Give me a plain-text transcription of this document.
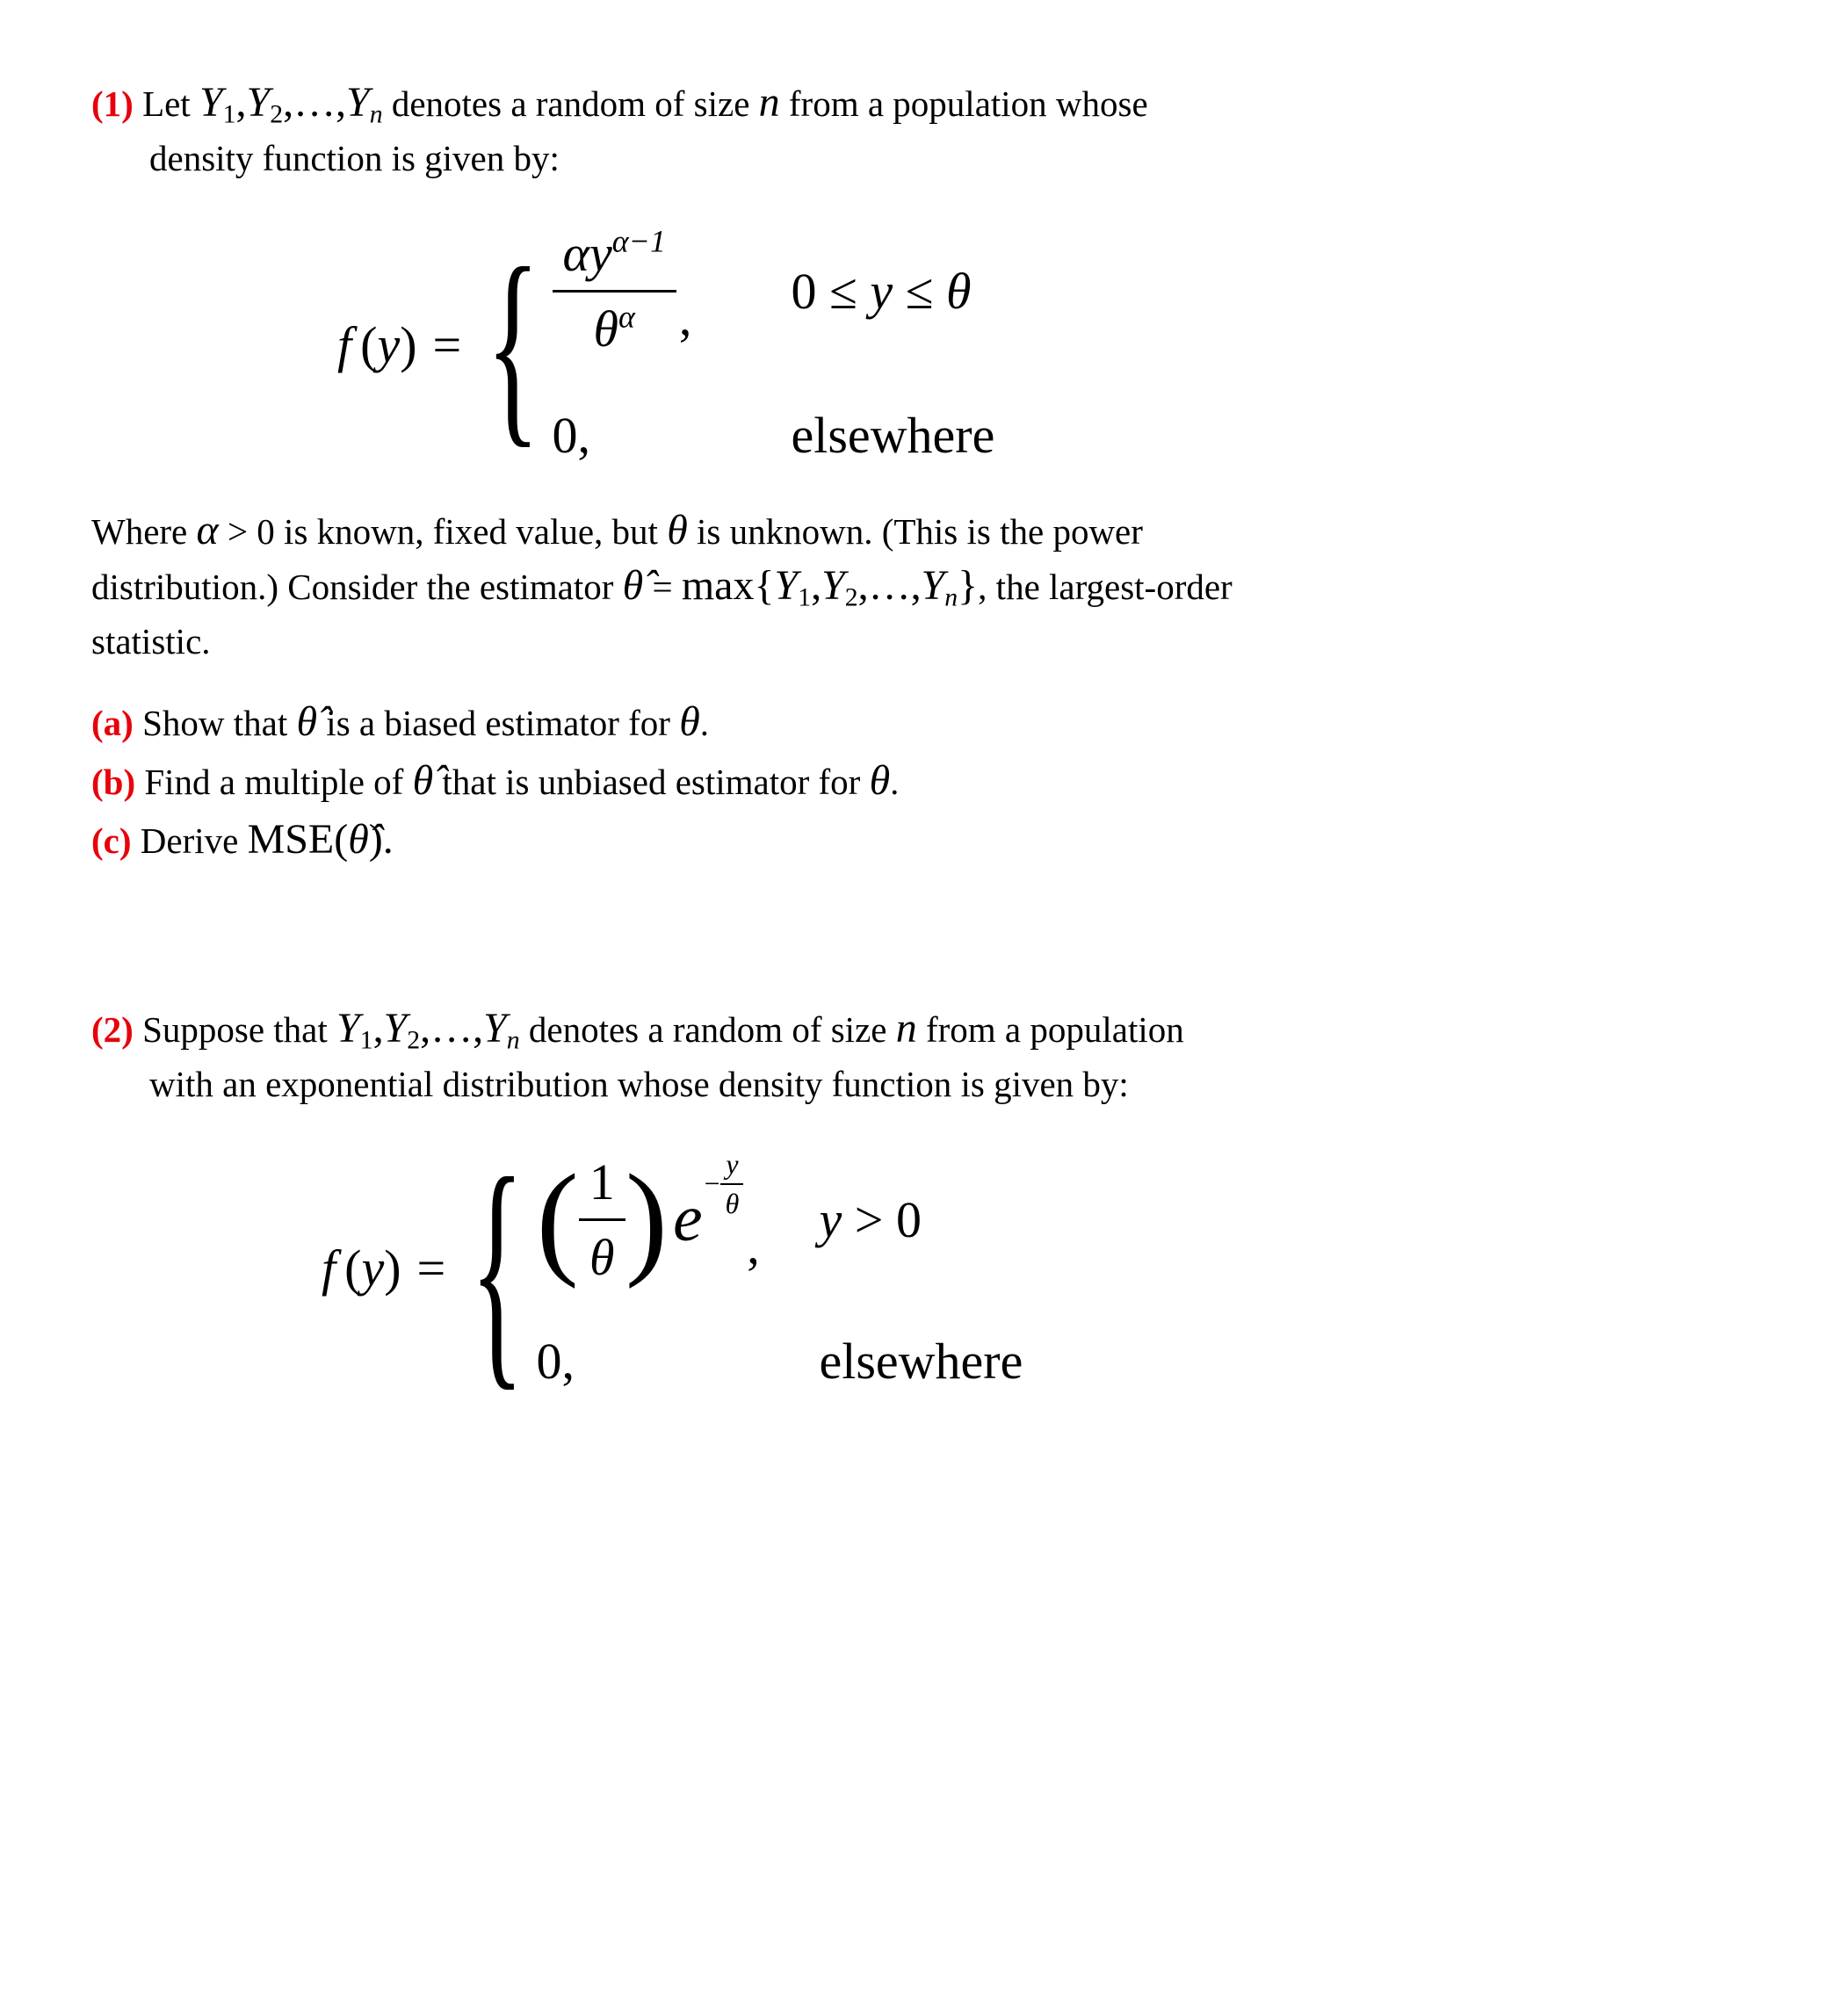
(1) Let $Y_1,Y_2,\dots,Y_n$ denotes a random of size n from a population whose
density function is given by:
f ( y ) = { $\frac{\alpha y^{\alpha-1}}{\theta^\alpha}$ , 0 ≤ y ≤ θ
0,	elsewhere
Where α > 0 is known, fixed value, but θ is unknown. (This is the power
distribution.) Consider the estimator θ̂ = $\max\{Y_1,Y_2,\dots,Y_n\}$, the largest-order
statistic.
(a) Show that θ̂ is a biased estimator for θ.
(b) Find a multiple of θ̂ that is unbiased estimator for θ.
(c) Derive MSE(θ̂).
(2) Suppose that $Y_1,Y_2,\dots,Y_n$ denotes a random of size n from a population
with an exponential distribution whose density function is given by:
f ( y ) = { ( $\frac{1}{\theta}$ ) $e - \frac{y}{\theta}$
, y > 0
0,	elsewhere
